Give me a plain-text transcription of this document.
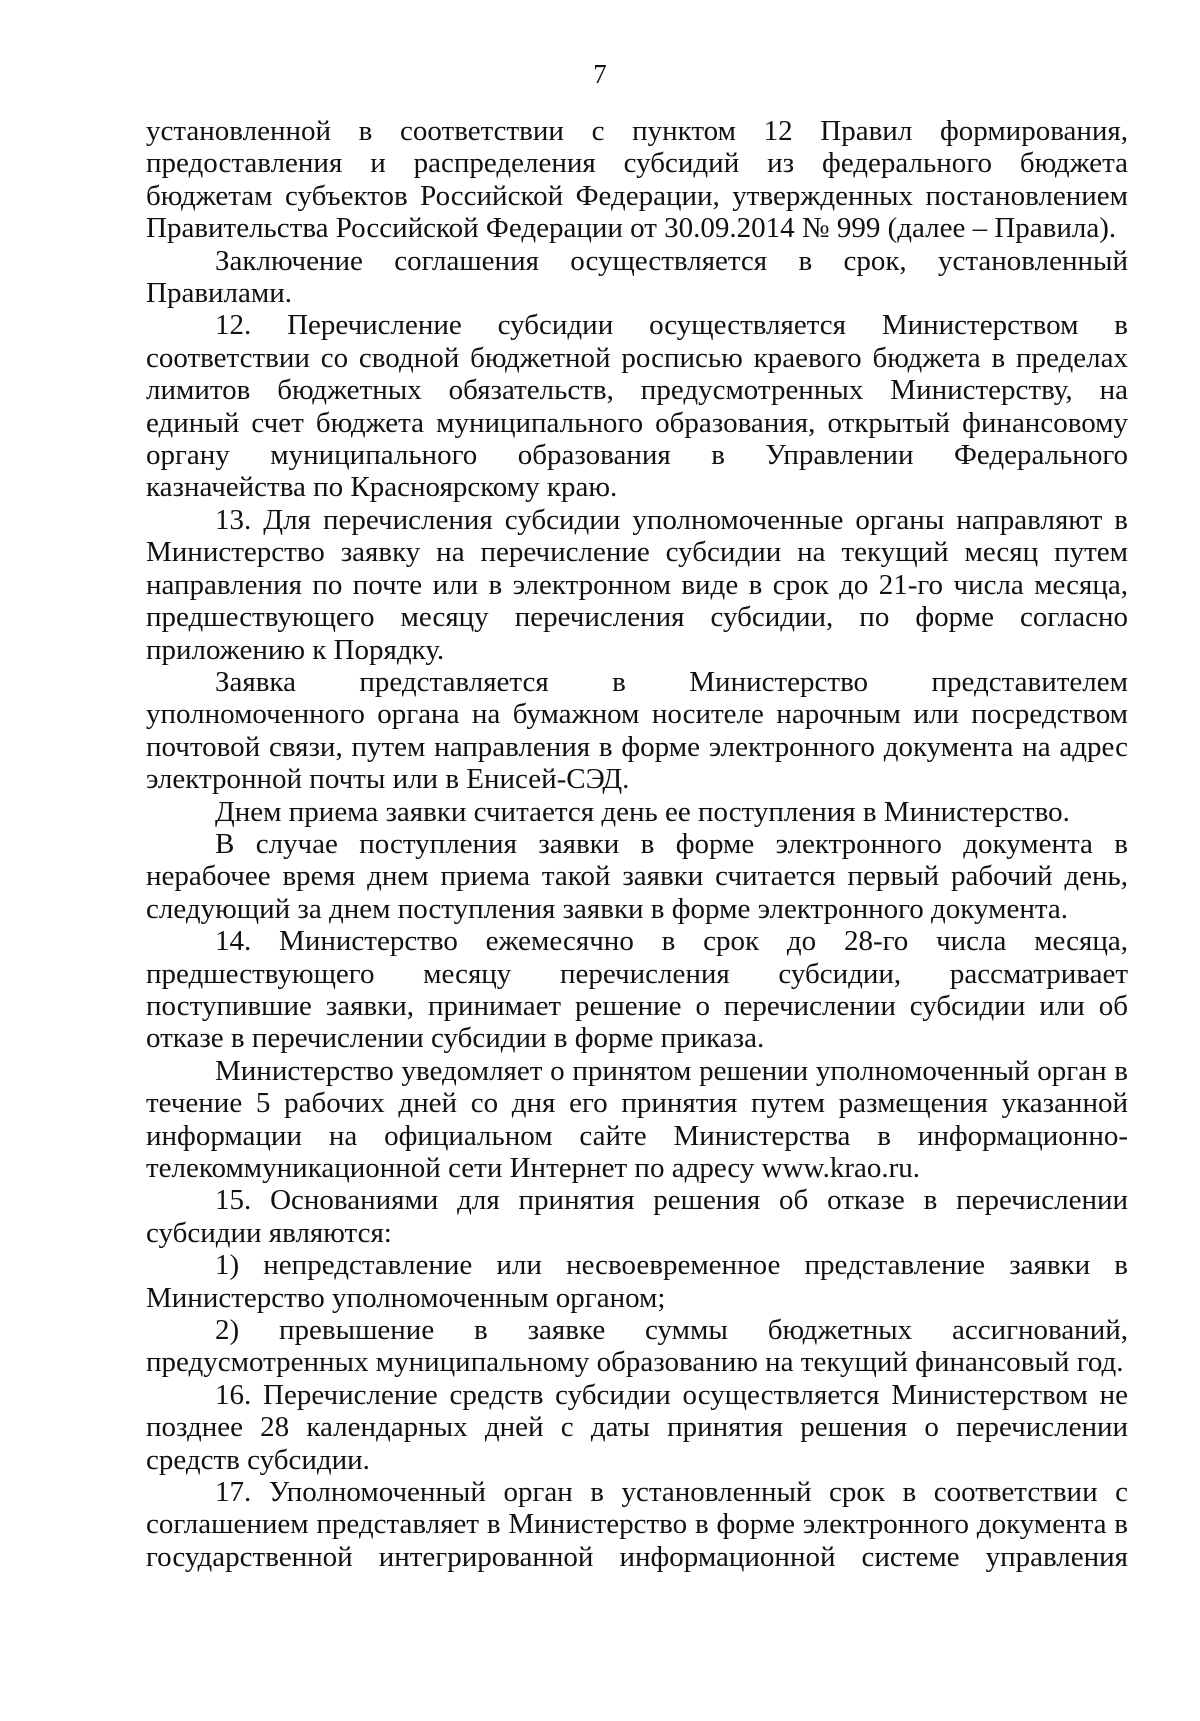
7

установленной в соответствии с пунктом 12 Правил формирования, предоставления и распределения субсидий из федерального бюджета бюджетам субъектов Российской Федерации, утвержденных постановлением Правительства Российской Федерации от 30.09.2014 № 999 (далее – Правила).

Заключение соглашения осуществляется в срок, установленный Правилами.

12. Перечисление субсидии осуществляется Министерством в соответствии со сводной бюджетной росписью краевого бюджета в пределах лимитов бюджетных обязательств, предусмотренных Министерству, на единый счет бюджета муниципального образования, открытый финансовому органу муниципального образования в Управлении Федерального казначейства по Красноярскому краю.

13. Для перечисления субсидии уполномоченные органы направляют в Министерство заявку на перечисление субсидии на текущий месяц путем направления по почте или в электронном виде в срок до 21-го числа месяца, предшествующего месяцу перечисления субсидии, по форме согласно приложению к Порядку.

Заявка представляется в Министерство представителем уполномоченного органа на бумажном носителе нарочным или посредством почтовой связи, путем направления в форме электронного документа на адрес электронной почты или в Енисей-СЭД.

Днем приема заявки считается день ее поступления в Министерство.

В случае поступления заявки в форме электронного документа в нерабочее время днем приема такой заявки считается первый рабочий день, следующий за днем поступления заявки в форме электронного документа.

14. Министерство ежемесячно в срок до 28-го числа месяца, предшествующего месяцу перечисления субсидии, рассматривает поступившие заявки, принимает решение о перечислении субсидии или об отказе в перечислении субсидии в форме приказа.

Министерство уведомляет о принятом решении уполномоченный орган в течение 5 рабочих дней со дня его принятия путем размещения указанной информации на официальном сайте Министерства в информационно-телекоммуникационной сети Интернет по адресу www.krao.ru.

15. Основаниями для принятия решения об отказе в перечислении субсидии являются:

1) непредставление или несвоевременное представление заявки в Министерство уполномоченным органом;

2) превышение в заявке суммы бюджетных ассигнований, предусмотренных муниципальному образованию на текущий финансовый год.

16. Перечисление средств субсидии осуществляется Министерством не позднее 28 календарных дней с даты принятия решения о перечислении средств субсидии.

17. Уполномоченный орган в установленный срок в соответствии с соглашением представляет в Министерство в форме электронного документа в государственной интегрированной информационной системе управления
